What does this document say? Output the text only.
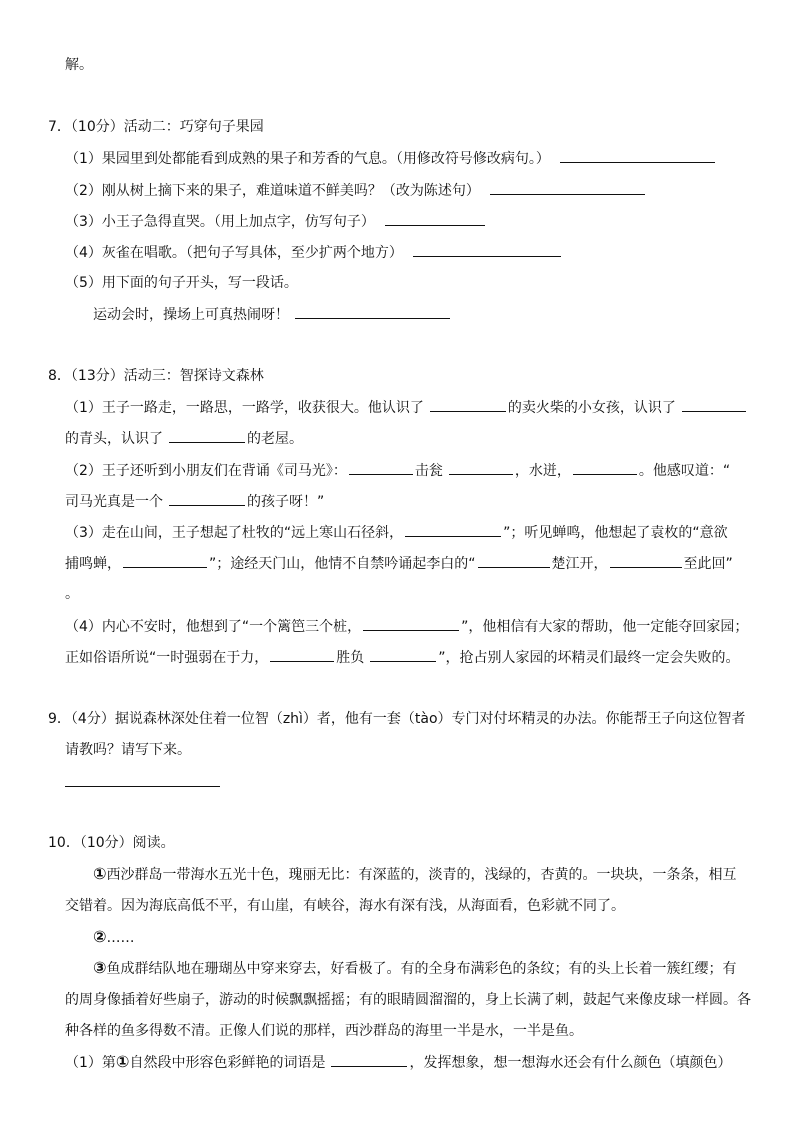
解。
7．（10分）活动二：巧穿句子果园
（1）果园里到处都能看到成熟的果子和芳香的气息。（用修改符号修改病句。）
（2）刚从树上摘下来的果子，难道味道不鲜美吗？（改为陈述句）
（3）小王子急得直哭。（用上加点字，仿写句子）
（4）灰雀在唱歌。（把句子写具体，至少扩两个地方）
（5）用下面的句子开头，写一段话。
运动会时，操场上可真热闹呀！
8．（13分）活动三：智探诗文森林
（1）王子一路走，一路思，一路学，收获很大。他认识了	的卖火柴的小女孩，认识了
的青头，认识了	的老屋。
（2）王子还听到小朋友们在背诵《司马光》：	击瓮	，水迸，	。他感叹道：“
司马光真是一个	的孩子呀！”
（3）走在山间，王子想起了杜牧的“远上寒山石径斜，	”；听见蝉鸣，他想起了袁枚的“意欲
捕鸣蝉，	”；途经天门山，他情不自禁吟诵起李白的“	楚江开，	至此回”
。
（4）内心不安时，他想到了“一个篱笆三个桩，	”，他相信有大家的帮助，他一定能夺回家园；
正如俗语所说“一时强弱在于力，	胜负	”，抢占别人家园的坏精灵们最终一定会失败的。
9．（4分）据说森林深处住着一位智（zhì）者，他有一套（tào）专门对付坏精灵的办法。你能帮王子向这位智者
请教吗？请写下来。
10．（10分）阅读。
①西沙群岛一带海水五光十色，瑰丽无比：有深蓝的，淡青的，浅绿的，杏黄的。一块块，一条条，相互
交错着。因为海底高低不平，有山崖，有峡谷，海水有深有浅，从海面看，色彩就不同了。
②……
③鱼成群结队地在珊瑚丛中穿来穿去，好看极了。有的全身布满彩色的条纹；有的头上长着一簇红缨；有
的周身像插着好些扇子，游动的时候飘飘摇摇；有的眼睛圆溜溜的，身上长满了刺，鼓起气来像皮球一样圆。各
种各样的鱼多得数不清。正像人们说的那样，西沙群岛的海里一半是水，一半是鱼。
（1）第①自然段中形容色彩鲜艳的词语是	，发挥想象，想一想海水还会有什么颜色（填颜色）
